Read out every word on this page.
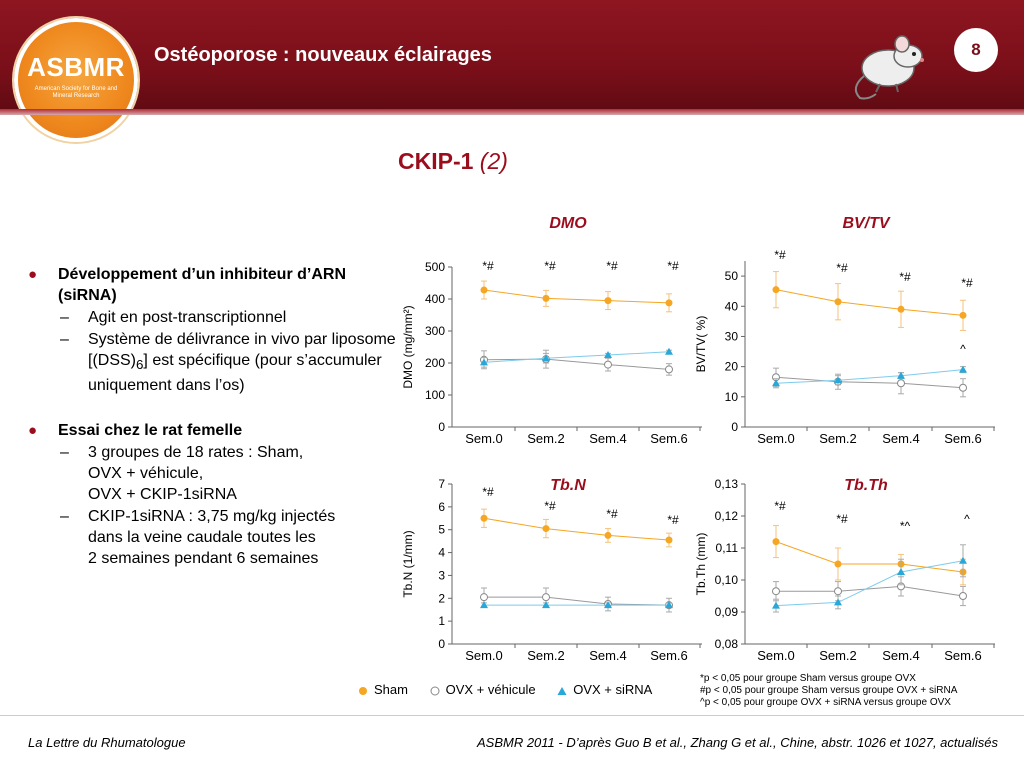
ASBMR
American Society for Bone and Mineral Research
Ostéoporose : nouveaux éclairages	8
CKIP-1 (2)
● Développement d’un inhibiteur d’ARN (siRNA)
– Agit en post-transcriptionnel
– Système de délivrance in vivo par liposome $[(DSS)_6]$ est spécifique (pour s’accumuler uniquement dans l’os)
● Essai chez le rat femelle
– 3 groupes de 18 rates : Sham,
OVX + véhicule,
OVX + CKIP-1siRNA
– CKIP-1siRNA : 3,75 mg/kg injectés
dans la veine caudale toutes les
2 semaines pendant 6 semaines
DMO
0
100
200
300
400
500
Sem.0 Sem.2 Sem.4 Sem.6
DMO (mg/mm²)
*#	*#	*#	*#
BV/TV
0
10
20
30
40
50
Sem.0 Sem.2 Sem.4 Sem.6
BV/TV( %)
*#
*#
*#	*#
^
Tb.N
0
1
2
3
4
5
6
7
Sem.0 Sem.2 Sem.4 Sem.6
Tb.N (1/mm)
*#
*#
*#	*#
Tb.Th
0,08
0,09
0,10
0,11
0,12
0,13
Sem.0 Sem.2 Sem.4 Sem.6
Tb.Th (mm)
*#
*#	*^	^
Sham	OVX + véhicule	OVX + siRNA
*p < 0,05 pour groupe Sham versus groupe OVX
#p < 0,05 pour groupe Sham versus groupe OVX + siRNA
^p < 0,05 pour groupe OVX + siRNA versus groupe OVX
La Lettre du Rhumatologue	ASBMR 2011 - D’après Guo B et al., Zhang G et al., Chine, abstr. 1026 et 1027, actualisés
